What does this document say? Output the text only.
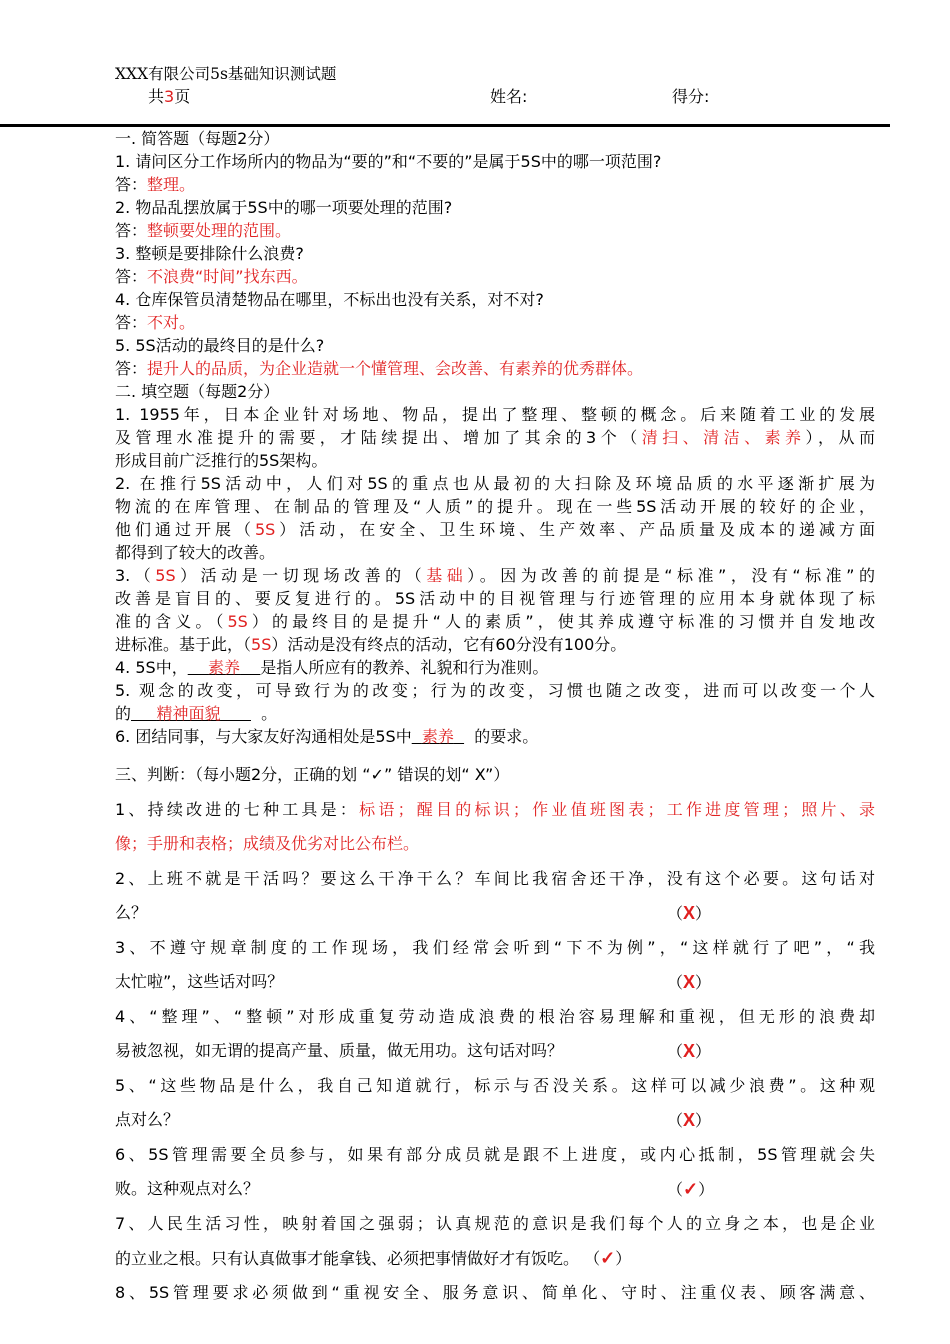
XXX有限公司5s基础知识测试题
共3页	姓名:	得分:
一. 简答题（每题2分）
1. 请问区分工作场所内的物品为“要的”和“不要的”是属于5S中的哪一项范围?
答：整理。
2. 物品乱摆放属于5S中的哪一项要处理的范围?
答：整顿要处理的范围。
3. 整顿是要排除什么浪费?
答：不浪费“时间”找东西。
4. 仓库保管员清楚物品在哪里，不标出也没有关系，对不对?
答：不对。
5. 5S活动的最终目的是什么?
答：提升人的品质，为企业造就一个懂管理、会改善、有素养的优秀群体。
二. 填空题（每题2分）
1. 1955年，日本企业针对场地、物品，提出了整理、整顿的概念。后来随着工业的发展
及管理水准提升的需要，才陆续提出、增加了其余的3个（清扫、清洁、素养），从而
形成目前广泛推行的5S架构。
2. 在推行5S活动中，人们对5S的重点也从最初的大扫除及环境品质的水平逐渐扩展为
物流的在库管理、在制品的管理及“人质”的提升。现在一些5S活动开展的较好的企业，
他们通过开展（5S）活动，在安全、卫生环境、生产效率、产品质量及成本的递减方面
都得到了较大的改善。
3.（5S）活动是一切现场改善的（基础）。因为改善的前提是“标准”，没有“标准”的
改善是盲目的、要反复进行的。5S活动中的目视管理与行迹管理的应用本身就体现了标
准的含义。（5S）的最终目的是提升“人的素质”，使其养成遵守标准的习惯并自发地改
进标准。基于此，（5S）活动是没有终点的活动，它有60分没有100分。
4. 5S中， 素养 是指人所应有的教养、礼貌和行为准则。
5. 观念的改变，可导致行为的改变；行为的改变，习惯也随之改变，进而可以改变一个人
的 精神面貌	。
6. 团结同事，与大家友好沟通相处是5S中 素养 的要求。
三、判断：（每小题2分，正确的划 “✓” 错误的划“ X”）
1、持续改进的七种工具是：标语；醒目的标识；作业值班图表；工作进度管理；照片、录
像；手册和表格；成绩及优劣对比公布栏。
2、上班不就是干活吗？要这么干净干么？车间比我宿舍还干净，没有这个必要。这句话对
么？	（X）
3、不遵守规章制度的工作现场，我们经常会听到“下不为例”，“这样就行了吧”，“我
太忙啦”，这些话对吗？	（X）
4、“整理”、“整顿”对形成重复劳动造成浪费的根治容易理解和重视，但无形的浪费却
易被忽视，如无谓的提高产量、质量，做无用功。这句话对吗？	（X）
5、“这些物品是什么，我自己知道就行，标示与否没关系。这样可以减少浪费”。这种观
点对么？	（X）
6、5S管理需要全员参与，如果有部分成员就是跟不上进度，或内心抵制，5S管理就会失
败。这种观点对么？	（✓）
7、人民生活习性，映射着国之强弱；认真规范的意识是我们每个人的立身之本，也是企业
的立业之根。只有认真做事才能拿钱、必须把事情做好才有饭吃。 （✓）
8、5S管理要求必须做到“重视安全、服务意识、简单化、守时、注重仪表、顾客满意、
